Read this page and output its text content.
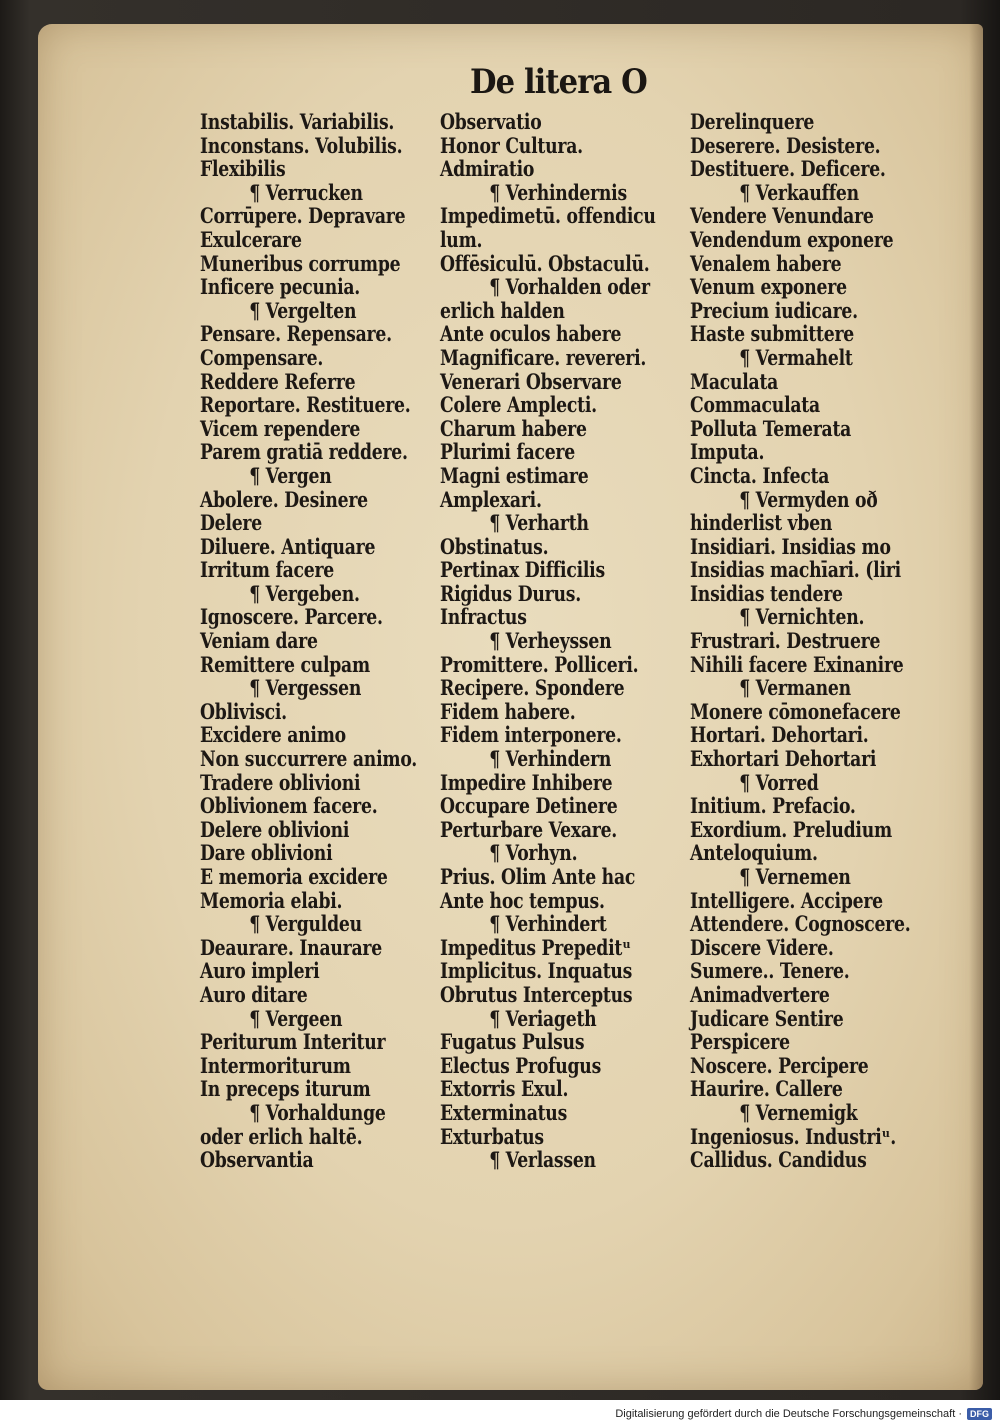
De litera O
Instabilis. Variabilis.
Inconstans. Volubilis.
Flexibilis
¶ Verrucken
Corrūpere. Depravare
Exulcerare
Muneribus corrumpe
Inficere pecunia.
¶ Vergelten
Pensare. Repensare.
Compensare.
Reddere Referre
Reportare. Restituere.
Vicem rependere
Parem gratiā reddere.
¶ Vergen
Abolere. Desinere
Delere
Diluere. Antiquare
Irritum facere
¶ Vergeben.
Ignoscere. Parcere.
Veniam dare
Remittere culpam
¶ Vergessen
Oblivisci.
Excidere animo
Non succurrere animo.
Tradere oblivioni
Oblivionem facere.
Delere oblivioni
Dare oblivioni
E memoria excidere
Memoria elabi.
¶ Verguldeu
Deaurare. Inaurare
Auro impleri
Auro ditare
¶ Vergeen
Periturum Interitur
Intermoriturum
In preceps iturum
¶ Vorhaldunge
oder erlich haltē.
Observantia
Observatio
Honor Cultura.
Admiratio
¶ Verhindernis
Impedimetū. offendicu
lum.
Offēsiculū. Obstaculū.
¶ Vorhalden oder
erlich halden
Ante oculos habere
Magnificare. revereri.
Venerari Observare
Colere Amplecti.
Charum habere
Plurimi facere
Magni estimare
Amplexari.
¶ Verharth
Obstinatus.
Pertinax Difficilis
Rigidus Durus.
Infractus
¶ Verheyssen
Promittere. Polliceri.
Recipere. Spondere
Fidem habere.
Fidem interponere.
¶ Verhindern
Impedire Inhibere
Occupare Detinere
Perturbare Vexare.
¶ Vorhyn.
Prius. Olim Ante hac
Ante hoc tempus.
¶ Verhindert
Impeditus Prepeditᵘ
Implicitus. Inquatus
Obrutus Interceptus
¶ Veriageth
Fugatus Pulsus
Electus Profugus
Extorris Exul.
Exterminatus
Exturbatus
¶ Verlassen
Derelinquere
Deserere. Desistere.
Destituere. Deficere.
¶ Verkauffen
Vendere Venundare
Vendendum exponere
Venalem habere
Venum exponere
Precium iudicare.
Haste submittere
¶ Vermahelt
Maculata
Commaculata
Polluta Temerata
Imputa.
Cincta. Infecta
¶ Vermyden oð
hinderlist vben
Insidiari. Insidias mo
Insidias machīari. (liri
Insidias tendere
¶ Vernichten.
Frustrari. Destruere
Nihili facere Exinanire
¶ Vermanen
Monere cōmonefacere
Hortari. Dehortari.
Exhortari Dehortari
¶ Vorred
Initium. Prefacio.
Exordium. Preludium
Anteloquium.
¶ Vernemen
Intelligere. Accipere
Attendere. Cognoscere.
Discere Videre.
Sumere.. Tenere.
Animadvertere
Judicare Sentire
Perspicere
Noscere. Percipere
Haurire. Callere
¶ Vernemigk
Ingeniosus. Industriᵘ.
Callidus. Candidus
Digitalisierung gefördert durch die Deutsche Forschungsgemeinschaft · DFG
